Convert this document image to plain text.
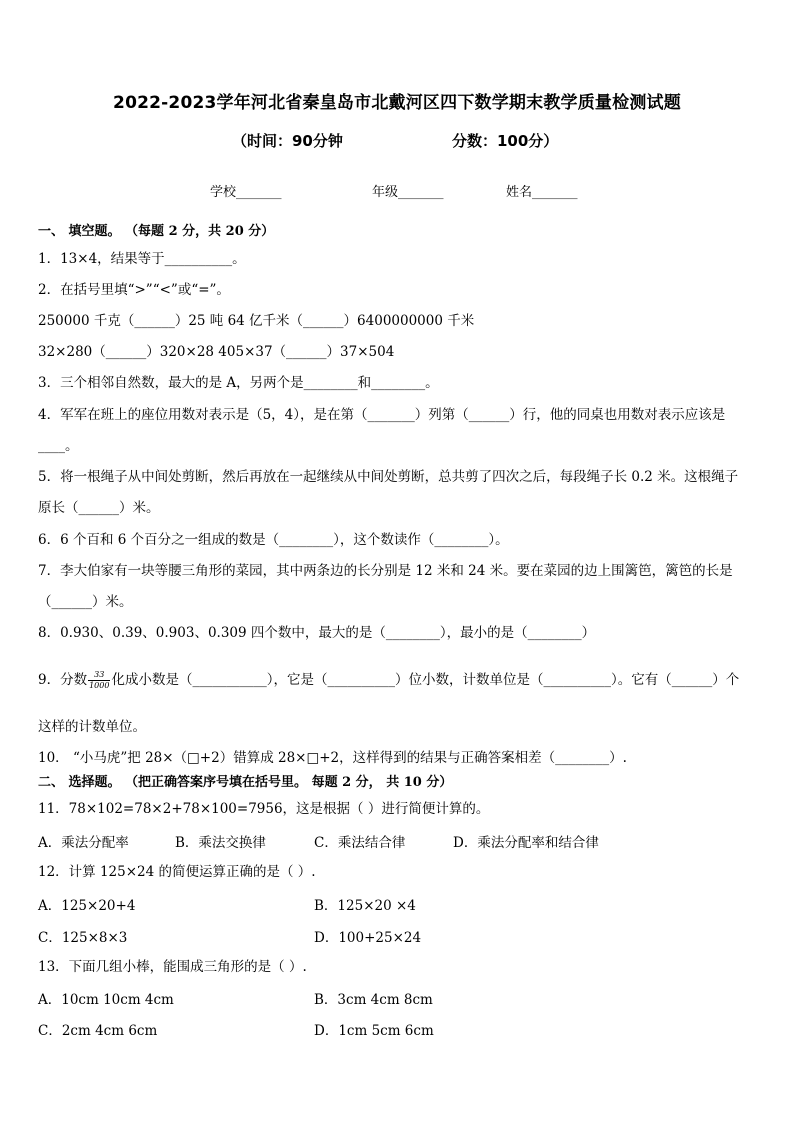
2022-2023学年河北省秦皇岛市北戴河区四下数学期末教学质量检测试题
（时间：90分钟	分数：100分）
学校_______	年级_______	姓名_______
一、 填空题。 （每题 2 分，共 20 分）
1．13×4，结果等于__________。
2．在括号里填“>”“<”或“=”。
250000 千克（______）25 吨 64 亿千米（______）6400000000 千米
32×280（______）320×28 405×37（______）37×504
3．三个相邻自然数，最大的是 A，另两个是________和________。
4．军军在班上的座位用数对表示是（5，4），是在第（_______）列第（______）行，他的同桌也用数对表示应该是
____。
5．将一根绳子从中间处剪断，然后再放在一起继续从中间处剪断，总共剪了四次之后，每段绳子长 0.2 米。这根绳子
原长（______）米。
6．6 个百和 6 个百分之一组成的数是（________），这个数读作（________）。
7．李大伯家有一块等腰三角形的菜园，其中两条边的长分别是 12 米和 24 米。要在菜园的边上围篱笆，篱笆的长是
（______）米。
8．0.930、0.39、0.903、0.309 四个数中，最大的是（________），最小的是（________）
9．分数 $\frac{33}{1000}$ 化成小数是（___________），它是（__________）位小数，计数单位是（__________）。它有（______）个
这样的计数单位。
10． “小马虎”把 28×（□+2）错算成 28×□+2，这样得到的结果与正确答案相差（________）.
二、 选择题。 （把正确答案序号填在括号里。 每题 2 分， 共 10 分）
11．78×102=78×2+78×100=7956，这是根据（ ）进行简便计算的。
A．乘法分配率	B．乘法交换律	C．乘法结合律	D．乘法分配率和结合律
12．计算 125×24 的简便运算正确的是（ ）.
A．125×20+4	B．125×20 ×4
C．125×8×3	D．100+25×24
13．下面几组小棒，能围成三角形的是（ ）.
A．10cm 10cm 4cm	B．3cm 4cm 8cm
C．2cm 4cm 6cm	D．1cm 5cm 6cm
